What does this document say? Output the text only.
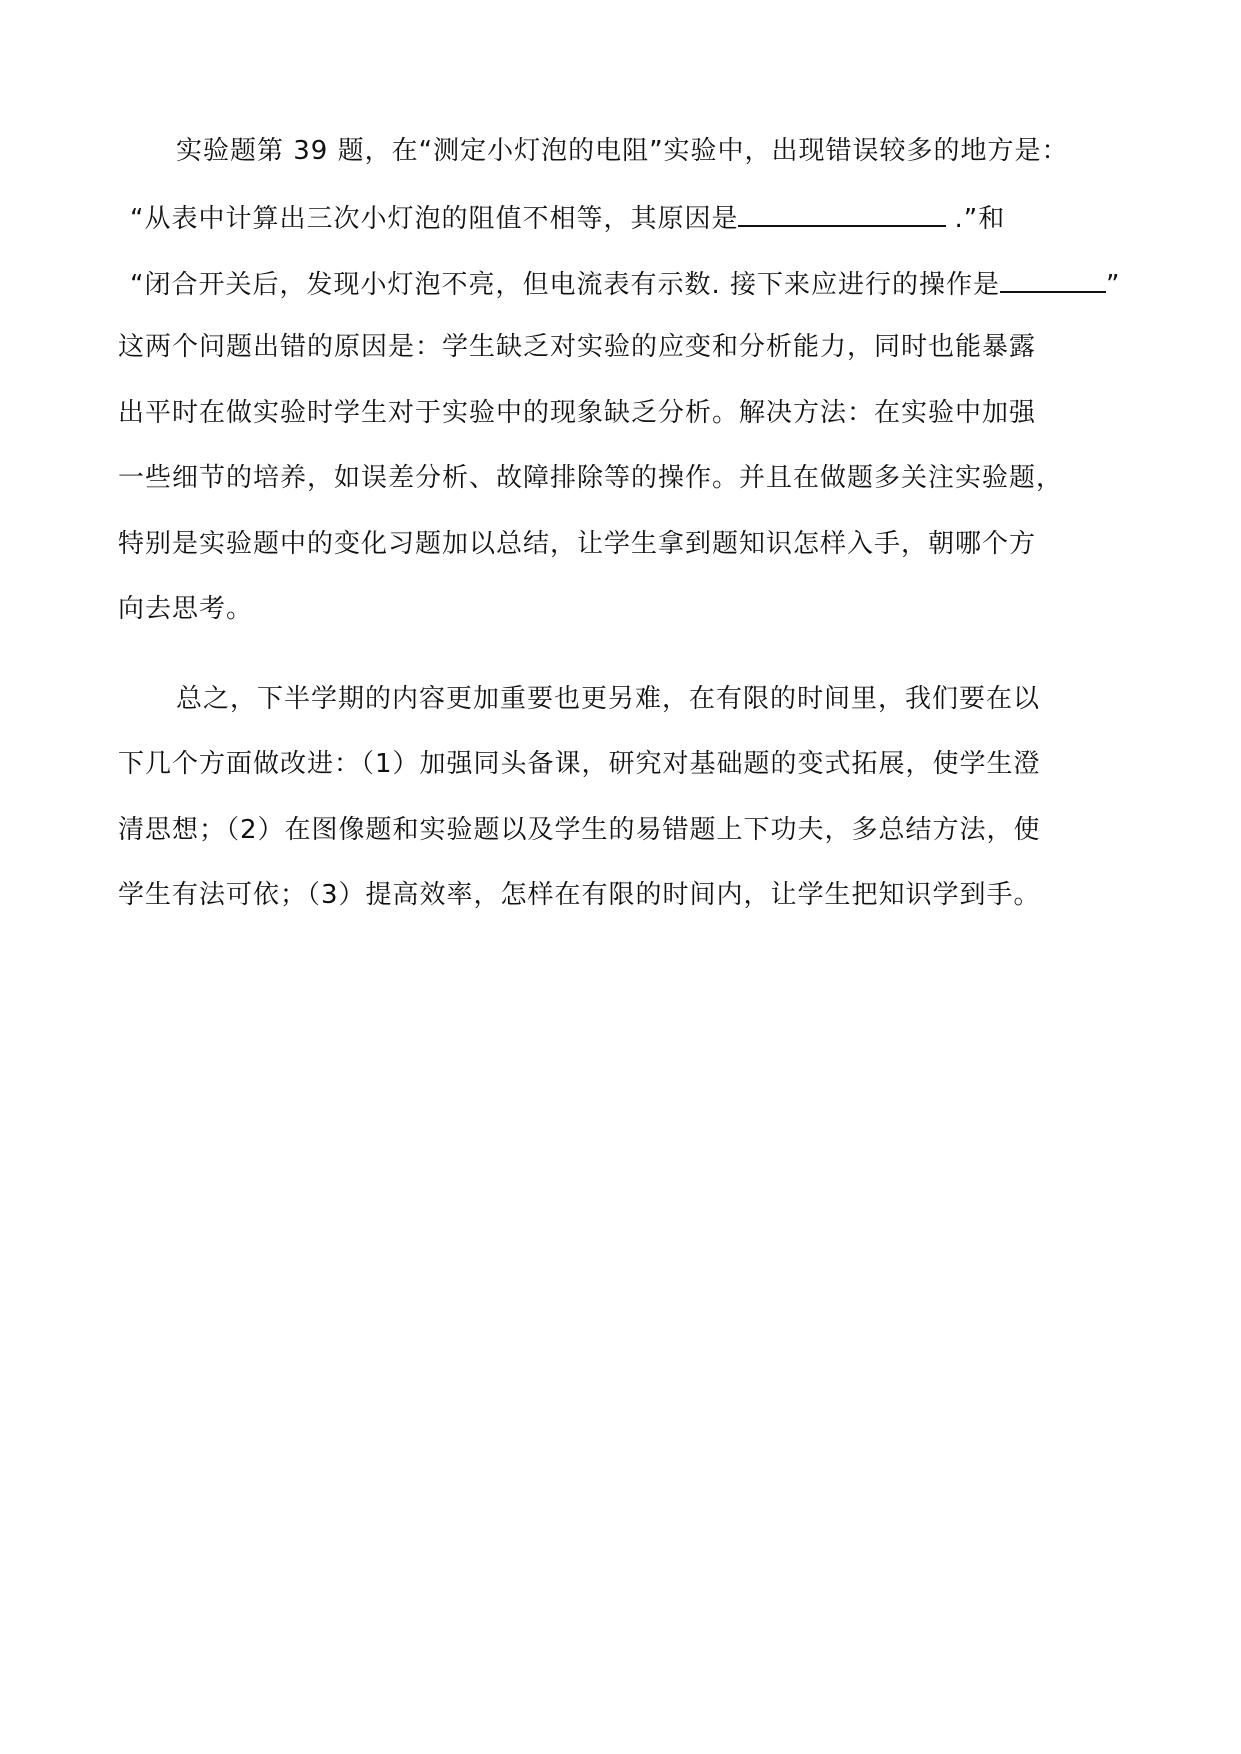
实验题第 39 题，在“测定小灯泡的电阻”实验中，出现错误较多的地方是：
“从表中计算出三次小灯泡的阻值不相等，其原因是	.”和
“闭合开关后，发现小灯泡不亮，但电流表有示数. 接下来应进行的操作是	”
这两个问题出错的原因是：学生缺乏对实验的应变和分析能力，同时也能暴露
出平时在做实验时学生对于实验中的现象缺乏分析。解决方法：在实验中加强
一些细节的培养，如误差分析、故障排除等的操作。并且在做题多关注实验题，
特别是实验题中的变化习题加以总结，让学生拿到题知识怎样入手，朝哪个方
向去思考。
总之，下半学期的内容更加重要也更另难，在有限的时间里，我们要在以
下几个方面做改进：（1）加强同头备课，研究对基础题的变式拓展，使学生澄
清思想；（2）在图像题和实验题以及学生的易错题上下功夫，多总结方法，使
学生有法可依；（3）提高效率，怎样在有限的时间内，让学生把知识学到手。
